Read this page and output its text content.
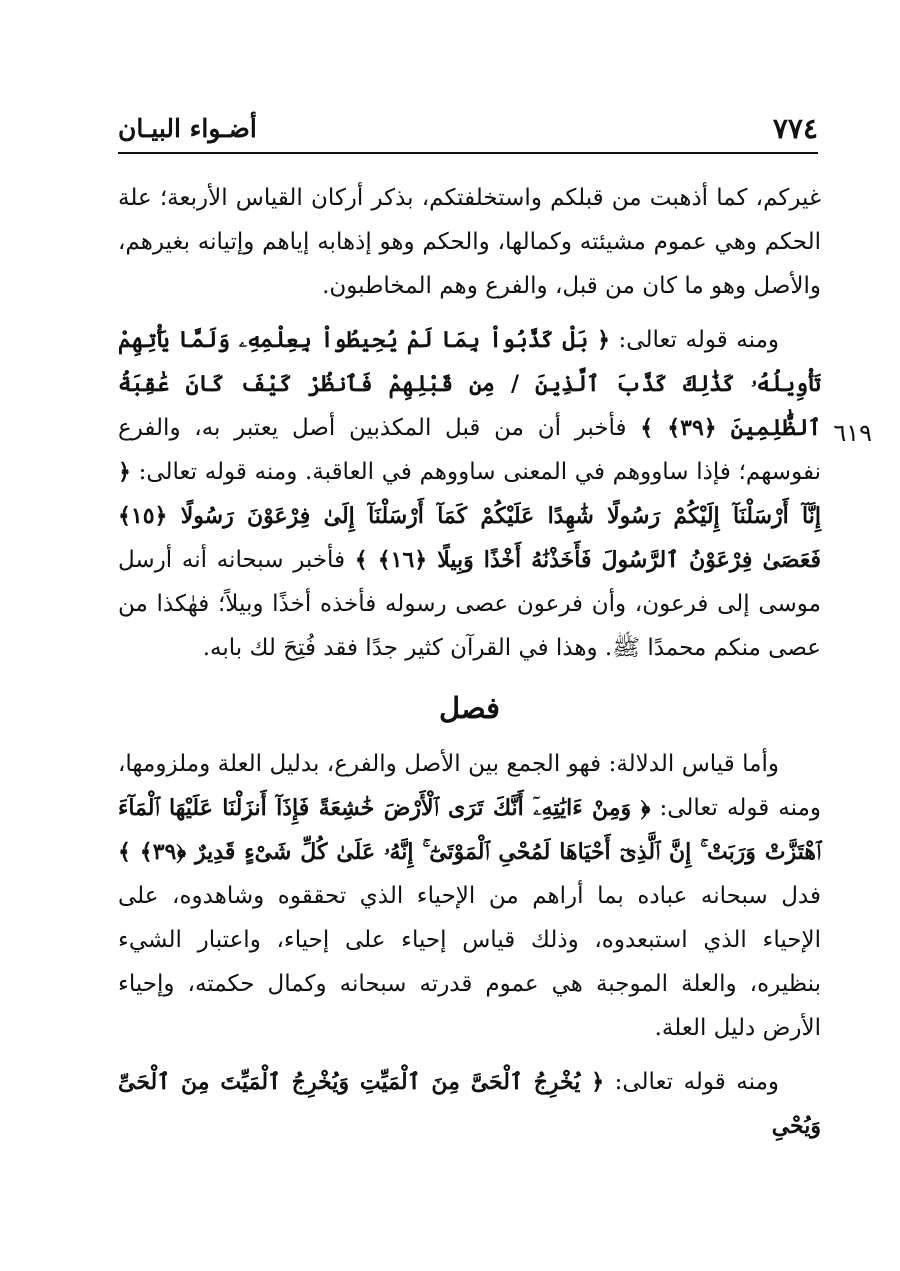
٧٧٤
أضـواء البيـان
٦١٩

غيركم، كما أذهبت من قبلكم واستخلفتكم، بذكر أركان القياس الأربعة؛ علة الحكم وهي عموم مشيئته وكمالها، والحكم وهو إذهابه إياهم وإتيانه بغيرهم، والأصل وهو ما كان من قبل، والفرع وهم المخاطبون.

ومنه قوله تعالى: ﴿ بَلْ كَذَّبُواْ بِمَا لَمْ يُحِيطُواْ بِعِلْمِهِۦ وَلَمَّا يَأْتِهِمْ تَأْوِيلُهُۥ كَذَٰلِكَ كَذَّبَ ٱلَّذِينَ / مِن قَبْلِهِمْ فَٱنظُرْ كَيْفَ كَانَ عَٰقِبَةُ ٱلظَّٰلِمِينَ ﴿٣٩﴾ ﴾ فأخبر أن من قبل المكذبين أصل يعتبر به، والفرع نفوسهم؛ فإذا ساووهم في المعنى ساووهم في العاقبة. ومنه قوله تعالى: ﴿ إِنَّآ أَرْسَلْنَآ إِلَيْكُمْ رَسُولًا شَٰهِدًا عَلَيْكُمْ كَمَآ أَرْسَلْنَآ إِلَىٰ فِرْعَوْنَ رَسُولًا ﴿١٥﴾ فَعَصَىٰ فِرْعَوْنُ ٱلرَّسُولَ فَأَخَذْنَٰهُ أَخْذًا وَبِيلًا ﴿١٦﴾ ﴾ فأخبر سبحانه أنه أرسل موسى إلى فرعون، وأن فرعون عصى رسوله فأخذه أخذًا وبيلاً؛ فهٰكذا من عصى منكم محمدًا ﷺ. وهذا في القرآن كثير جدًا فقد فُتِحَ لك بابه.

فصل

وأما قياس الدلالة: فهو الجمع بين الأصل والفرع، بدليل العلة وملزومها، ومنه قوله تعالى: ﴿ وَمِنْ ءَايَٰتِهِۦٓ أَنَّكَ تَرَى ٱلْأَرْضَ خَٰشِعَةً فَإِذَآ أَنزَلْنَا عَلَيْهَا ٱلْمَآءَ ٱهْتَزَّتْ وَرَبَتْ ۚ إِنَّ ٱلَّذِىٓ أَحْيَاهَا لَمُحْىِ ٱلْمَوْتَىٰٓ ۚ إِنَّهُۥ عَلَىٰ كُلِّ شَىْءٍ قَدِيرٌ ﴿٣٩﴾ ﴾ فدل سبحانه عباده بما أراهم من الإحياء الذي تحققوه وشاهدوه، على الإحياء الذي استبعدوه، وذلك قياس إحياء على إحياء، واعتبار الشيء بنظيره، والعلة الموجبة هي عموم قدرته سبحانه وكمال حكمته، وإحياء الأرض دليل العلة.

ومنه قوله تعالى: ﴿ يُخْرِجُ ٱلْحَىَّ مِنَ ٱلْمَيِّتِ وَيُخْرِجُ ٱلْمَيِّتَ مِنَ ٱلْحَىِّ وَيُحْىِ
